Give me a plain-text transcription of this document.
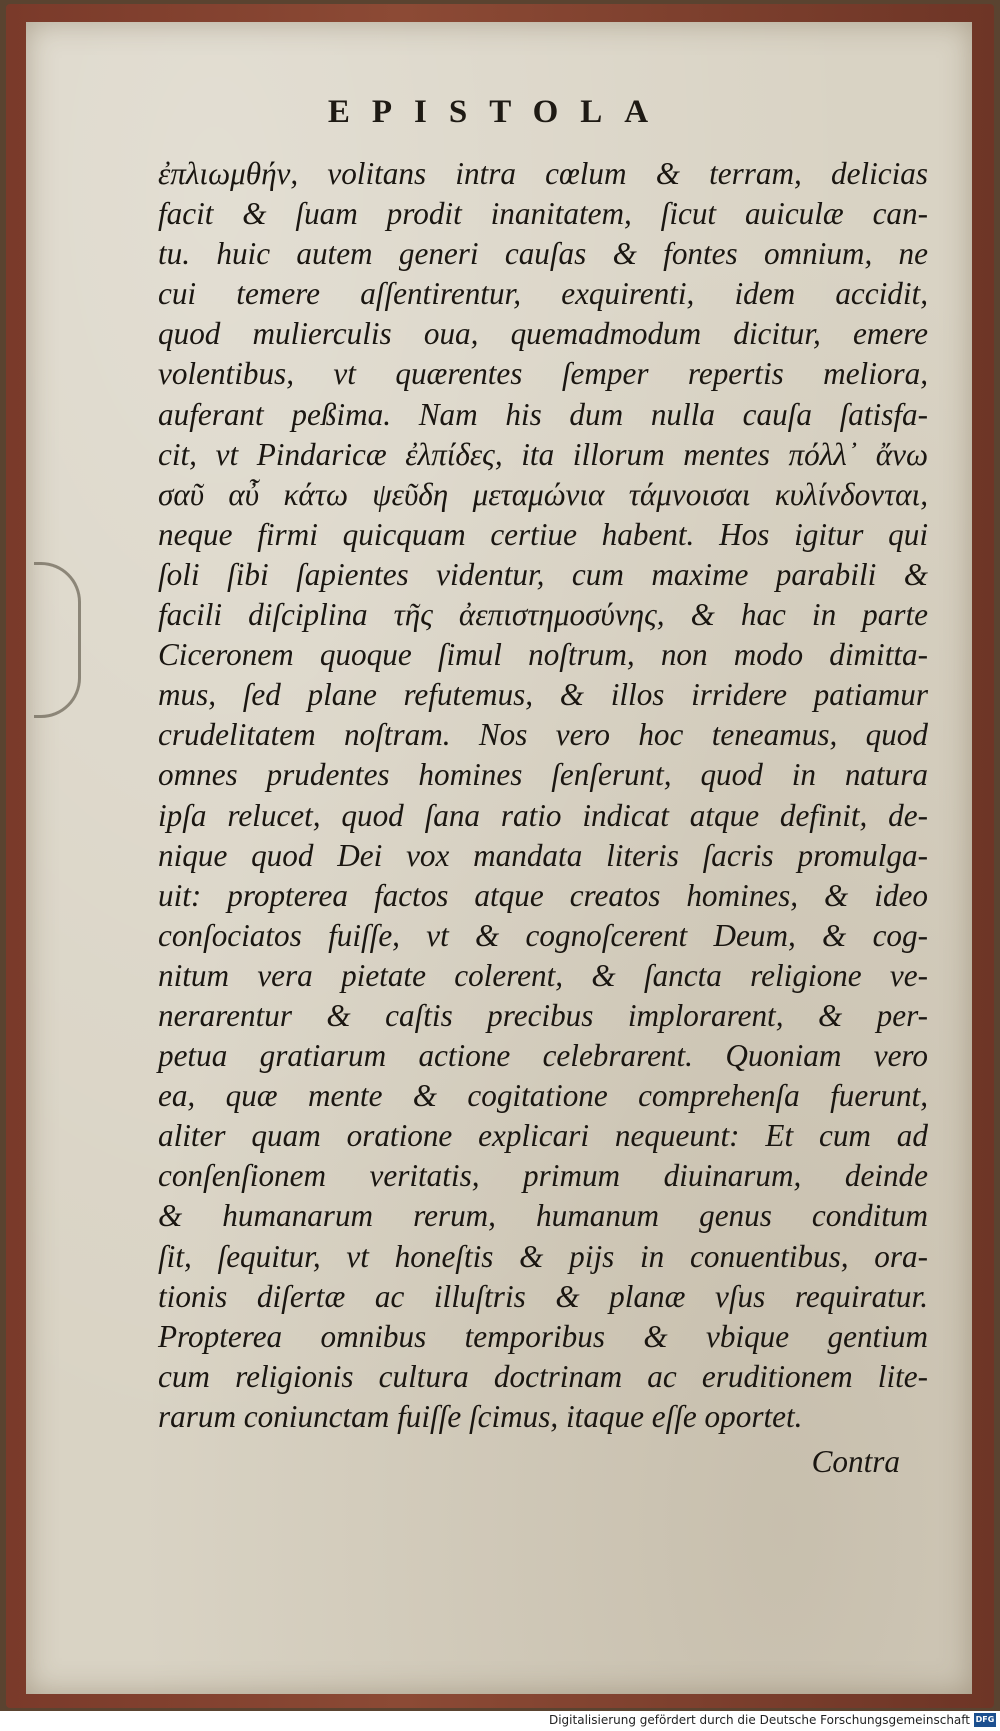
EPISTOLA
ἐπλιωμθήν, volitans intra cœlum & terram, delicias
facit & ſuam prodit inanitatem, ſicut auiculæ can-
tu. huic autem generi cauſas & fontes omnium, ne
cui temere aſſentirentur, exquirenti, idem accidit,
quod mulierculis oua, quemadmodum dicitur, emere
volentibus, vt quærentes ſemper repertis meliora,
auferant peßima. Nam his dum nulla cauſa ſatisfa-
cit, vt Pindaricæ ἐλπίδες, ita illorum mentes πόλλ᾽ ἄνω
σαῦ αὖ κάτω ψεῦδη μεταμώνια τάμνοισαι κυλίνδονται,
neque firmi quicquam certiue habent. Hos igitur qui
ſoli ſibi ſapientes videntur, cum maxime parabili &
facili diſciplina τῆς ἀεπιστημοσύνης, & hac in parte
Ciceronem quoque ſimul noſtrum, non modo dimitta-
mus, ſed plane refutemus, & illos irridere patiamur
crudelitatem noſtram. Nos vero hoc teneamus, quod
omnes prudentes homines ſenſerunt, quod in natura
ipſa relucet, quod ſana ratio indicat atque definit, de-
nique quod Dei vox mandata literis ſacris promulga-
uit: propterea factos atque creatos homines, & ideo
conſociatos fuiſſe, vt & cognoſcerent Deum, & cog-
nitum vera pietate colerent, & ſancta religione ve-
nerarentur & caſtis precibus implorarent, & per-
petua gratiarum actione celebrarent. Quoniam vero
ea, quæ mente & cogitatione comprehenſa fuerunt,
aliter quam oratione explicari nequeunt: Et cum ad
conſenſionem veritatis, primum diuinarum, deinde
& humanarum rerum, humanum genus conditum
ſit, ſequitur, vt honeſtis & pijs in conuentibus, ora-
tionis diſertæ ac illuſtris & planæ vſus requiratur.
Propterea omnibus temporibus & vbique gentium
cum religionis cultura doctrinam ac eruditionem lite-
rarum coniunctam fuiſſe ſcimus, itaque eſſe oportet.
Contra
Digitalisierung gefördert durch die Deutsche Forschungsgemeinschaft DFG
